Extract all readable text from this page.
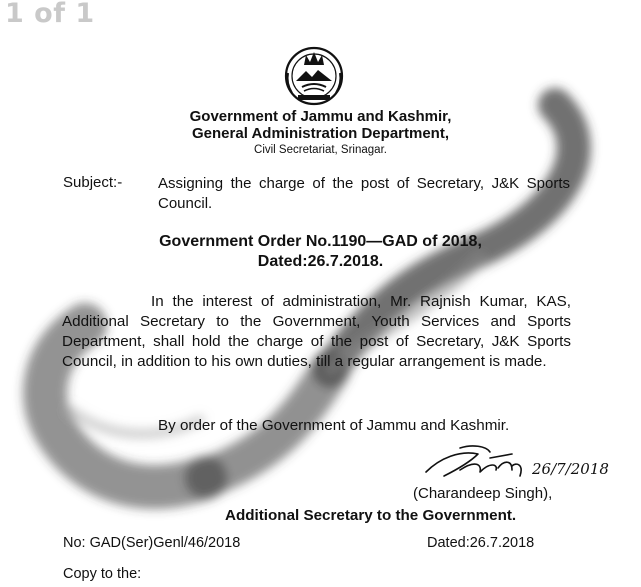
1 of 1
Government of Jammu and Kashmir,
General Administration Department,
Civil Secretariat, Srinagar.
Subject:- Assigning the charge of the post of Secretary, J&K Sports Council.
Government Order No.1190—GAD of 2018,
Dated:26.7.2018.
In the interest of administration, Mr. Rajnish Kumar, KAS, Additional Secretary to the Government, Youth Services and Sports Department, shall hold the charge of the post of Secretary, J&K Sports Council, in addition to his own duties, till a regular arrangement is made.
By order of the Government of Jammu and Kashmir.
26/7/2018
(Charandeep Singh),
Additional Secretary to the Government.
No: GAD(Ser)Genl/46/2018	Dated:26.7.2018
Copy to the:
